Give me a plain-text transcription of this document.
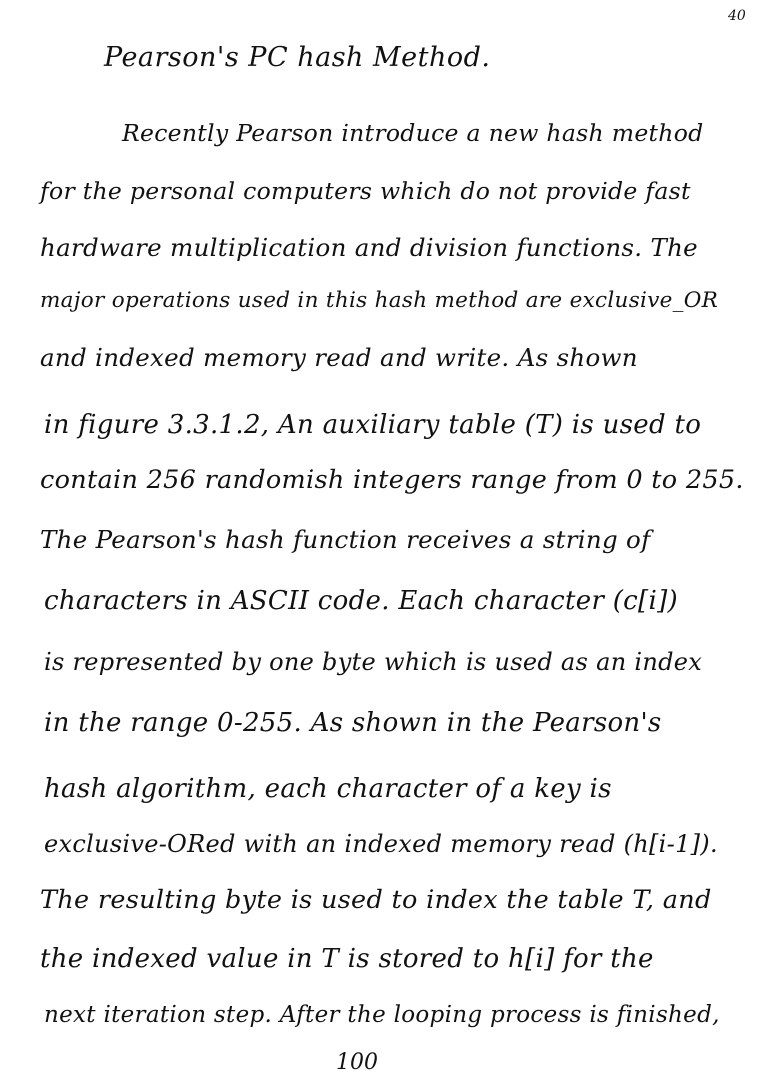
40
Pearson's PC hash Method.
Recently Pearson introduce a new hash method
for the personal computers which do not provide fast
hardware multiplication and division functions. The
major operations used in this hash method are exclusive_OR
and indexed memory read and write. As shown
in figure 3.3.1.2, An auxiliary table (T) is used to
contain 256 randomish integers range from 0 to 255.
The Pearson's hash function receives a string of
characters in ASCII code. Each character (c[i])
is represented by one byte which is used as an index
in the range 0-255. As shown in the Pearson's
hash algorithm, each character of a key is
exclusive-ORed with an indexed memory read (h[i-1]).
The resulting byte is used to index the table T, and
the indexed value in T is stored to h[i] for the
next iteration step. After the looping process is finished,
100
